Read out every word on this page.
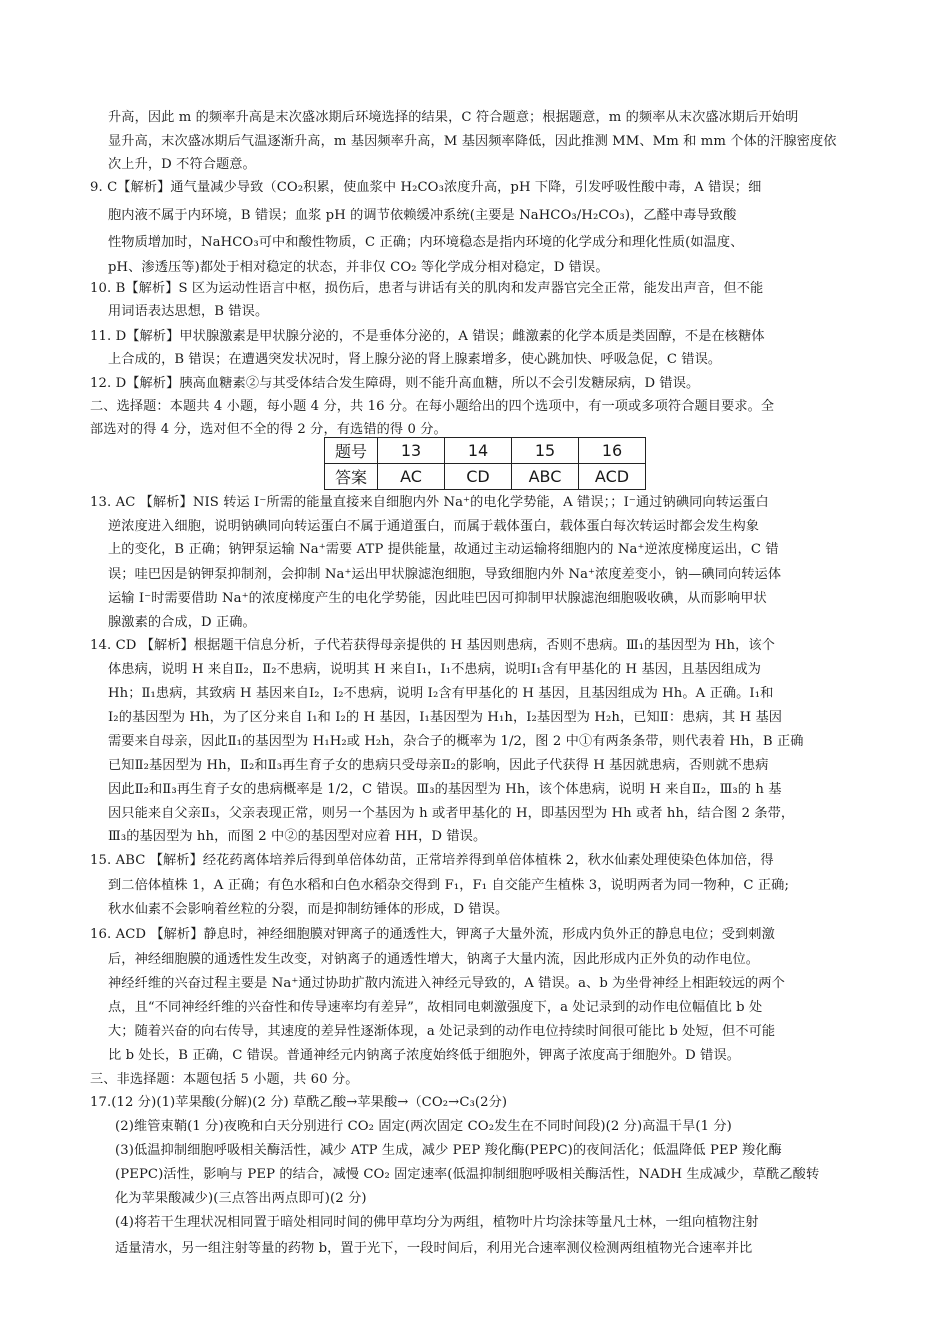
升高，因此 m 的频率升高是末次盛冰期后环境选择的结果，C 符合题意；根据题意，m 的频率从末次盛冰期后开始明
显升高，末次盛冰期后气温逐渐升高，m 基因频率升高，M 基因频率降低，因此推测 MM、Mm 和 mm 个体的汗腺密度依
次上升，D 不符合题意。
9. C【解析】通气量减少导致（CO₂积累，使血浆中 H₂CO₃浓度升高，pH 下降，引发呼吸性酸中毒，A 错误；细
胞内液不属于内环境，B 错误；血浆 pH 的调节依赖缓冲系统(主要是 NaHCO₃/H₂CO₃)，乙醛中毒导致酸
性物质增加时，NaHCO₃可中和酸性物质，C 正确；内环境稳态是指内环境的化学成分和理化性质(如温度、
pH、渗透压等)都处于相对稳定的状态，并非仅 CO₂ 等化学成分相对稳定，D 错误。
10. B【解析】S 区为运动性语言中枢，损伤后，患者与讲话有关的肌肉和发声器官完全正常，能发出声音，但不能
用词语表达思想，B 错误。
11. D【解析】甲状腺激素是甲状腺分泌的，不是垂体分泌的，A 错误；雌激素的化学本质是类固醇，不是在核糖体
上合成的，B 错误；在遭遇突发状况时，肾上腺分泌的肾上腺素增多，使心跳加快、呼吸急促，C 错误。
12. D【解析】胰高血糖素②与其受体结合发生障碍，则不能升高血糖，所以不会引发糖尿病，D 错误。
二、选择题：本题共 4 小题，每小题 4 分，共 16 分。在每小题给出的四个选项中，有一项或多项符合题目要求。全
部选对的得 4 分，选对但不全的得 2 分，有选错的得 0 分。
13. AC 【解析】NIS 转运 I⁻所需的能量直接来自细胞内外 Na⁺的电化学势能，A 错误；；I⁻通过钠碘同向转运蛋白
逆浓度进入细胞，说明钠碘同向转运蛋白不属于通道蛋白，而属于载体蛋白，载体蛋白每次转运时都会发生构象
上的变化，B 正确；钠钾泵运输 Na⁺需要 ATP 提供能量，故通过主动运输将细胞内的 Na⁺逆浓度梯度运出，C 错
误；哇巴因是钠钾泵抑制剂，会抑制 Na⁺运出甲状腺滤泡细胞，导致细胞内外 Na⁺浓度差变小，钠—碘同向转运体
运输 I⁻时需要借助 Na⁺的浓度梯度产生的电化学势能，因此哇巴因可抑制甲状腺滤泡细胞吸收碘，从而影响甲状
腺激素的合成，D 正确。
14. CD 【解析】根据题干信息分析，子代若获得母亲提供的 H 基因则患病，否则不患病。Ⅲ₁的基因型为 Hh，该个
体患病，说明 H 来自Ⅱ₂，Ⅱ₂不患病，说明其 H 来自Ⅰ₁，Ⅰ₁不患病，说明Ⅰ₁含有甲基化的 H 基因，且基因组成为
Hh；Ⅱ₁患病，其致病 H 基因来自Ⅰ₂，I₂不患病，说明 I₂含有甲基化的 H 基因，且基因组成为 Hh。A 正确。I₁和
I₂的基因型为 Hh，为了区分来自 I₁和 I₂的 H 基因，I₁基因型为 H₁h，I₂基因型为 H₂h，已知Ⅱ：患病，其 H 基因
需要来自母亲，因此Ⅱ₁的基因型为 H₁H₂或 H₂h，杂合子的概率为 1/2，图 2 中①有两条条带，则代表着 Hh，B 正确
已知Ⅱ₂基因型为 Hh，Ⅱ₂和Ⅱ₃再生育子女的患病只受母亲Ⅱ₂的影响，因此子代获得 H 基因就患病，否则就不患病
因此Ⅱ₂和Ⅱ₃再生育子女的患病概率是 1/2，C 错误。Ⅲ₃的基因型为 Hh，该个体患病，说明 H 来自Ⅱ₂，Ⅲ₃的 h 基
因只能来自父亲Ⅱ₃，父亲表现正常，则另一个基因为 h 或者甲基化的 H，即基因型为 Hh 或者 hh，结合图 2 条带，
Ⅲ₃的基因型为 hh，而图 2 中②的基因型对应着 HH，D 错误。
15. ABC 【解析】经花药离体培养后得到单倍体幼苗，正常培养得到单倍体植株 2，秋水仙素处理使染色体加倍，得
到二倍体植株 1，A 正确；有色水稻和白色水稻杂交得到 F₁，F₁ 自交能产生植株 3，说明两者为同一物种，C 正确;
秋水仙素不会影响着丝粒的分裂，而是抑制纺锤体的形成，D 错误。
16. ACD 【解析】静息时，神经细胞膜对钾离子的通透性大，钾离子大量外流，形成内负外正的静息电位；受到刺激
后，神经细胞膜的通透性发生改变，对钠离子的通透性增大，钠离子大量内流，因此形成内正外负的动作电位。
神经纤维的兴奋过程主要是 Na⁺通过协助扩散内流进入神经元导致的，A 错误。a、b 为坐骨神经上相距较远的两个
点，且“不同神经纤维的兴奋性和传导速率均有差异”，故相同电刺激强度下，a 处记录到的动作电位幅值比 b 处
大；随着兴奋的向右传导，其速度的差异性逐渐体现，a 处记录到的动作电位持续时间很可能比 b 处短，但不可能
比 b 处长，B 正确，C 错误。普通神经元内钠离子浓度始终低于细胞外，钾离子浓度高于细胞外。D 错误。
三、非选择题：本题包括 5 小题，共 60 分。
17.(12 分)(1)苹果酸(分解)(2 分) 草酰乙酸→苹果酸→（CO₂→C₃(2分)
(2)维管束鞘(1 分)夜晚和白天分别进行 CO₂ 固定(两次固定 CO₂发生在不同时间段)(2 分)高温干旱(1 分)
(3)低温抑制细胞呼吸相关酶活性，减少 ATP 生成，减少 PEP 羧化酶(PEPC)的夜间活化；低温降低 PEP 羧化酶
(PEPC)活性，影响与 PEP 的结合，减慢 CO₂ 固定速率(低温抑制细胞呼吸相关酶活性，NADH 生成减少，草酰乙酸转
化为苹果酸减少)(三点答出两点即可)(2 分)
(4)将若干生理状况相同置于暗处相同时间的佛甲草均分为两组，植物叶片均涂抹等量凡士林，一组向植物注射
适量清水，另一组注射等量的药物 b，置于光下，一段时间后，利用光合速率测仪检测两组植物光合速率并比
题号	13	14	15	16
答案	AC	CD	ABC	ACD
